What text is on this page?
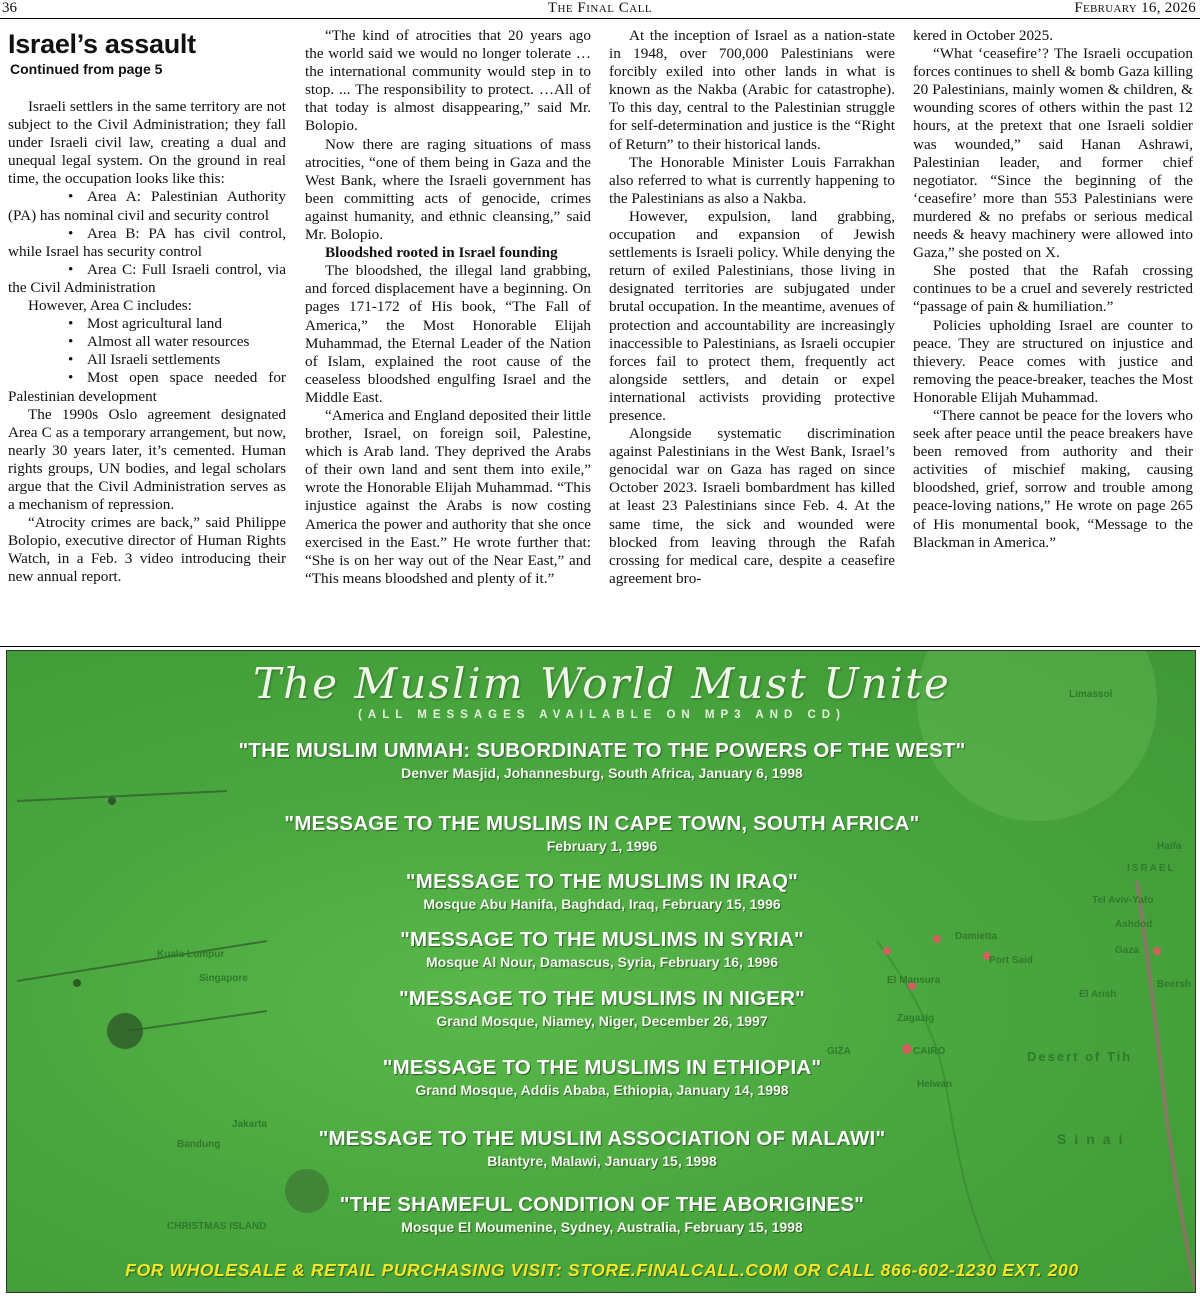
36	The Final Call	February 16, 2026
Israel’s assault
Continued from page 5

Israeli settlers in the same territory are not subject to the Civil Administration; they fall under Israeli civil law, creating a dual and unequal legal system. On the ground in real time, the occupation looks like this:

• Area A: Palestinian Authority (PA) has nominal civil and security control

• Area B: PA has civil control, while Israel has security control

• Area C: Full Israeli control, via the Civil Administration

However, Area C includes:

• Most agricultural land

• Almost all water resources

• All Israeli settlements

• Most open space needed for Palestinian development

The 1990s Oslo agreement designated Area C as a temporary arrangement, but now, nearly 30 years later, it’s cemented. Human rights groups, UN bodies, and legal scholars argue that the Civil Administration serves as a mechanism of repression.

“Atrocity crimes are back,” said Philippe Bolopio, executive director of Human Rights Watch, in a Feb. 3 video introducing their new annual report.

“The kind of atrocities that 20 years ago the world said we would no longer tolerate … the international community would step in to stop. ... The responsibility to protect. …All of that today is almost disappearing,” said Mr. Bolopio.

Now there are raging situations of mass atrocities, “one of them being in Gaza and the West Bank, where the Israeli government has been committing acts of genocide, crimes against humanity, and ethnic cleansing,” said Mr. Bolopio.

Bloodshed rooted in Israel founding

The bloodshed, the illegal land grabbing, and forced displacement have a beginning. On pages 171-172 of His book, “The Fall of America,” the Most Honorable Elijah Muhammad, the Eternal Leader of the Nation of Islam, explained the root cause of the ceaseless bloodshed engulfing Israel and the Middle East.

“America and England deposited their little brother, Israel, on foreign soil, Palestine, which is Arab land. They deprived the Arabs of their own land and sent them into exile,” wrote the Honorable Elijah Muhammad. “This injustice against the Arabs is now costing America the power and authority that she once exercised in the East.” He wrote further that: “She is on her way out of the Near East,” and “This means bloodshed and plenty of it.”

At the inception of Israel as a nation-state in 1948, over 700,000 Palestinians were forcibly exiled into other lands in what is known as the Nakba (Arabic for catastrophe). To this day, central to the Palestinian struggle for self-determination and justice is the “Right of Return” to their historical lands.

The Honorable Minister Louis Farrakhan also referred to what is currently happening to the Palestinians as also a Nakba.

However, expulsion, land grabbing, occupation and expansion of Jewish settlements is Israeli policy. While denying the return of exiled Palestinians, those living in designated territories are subjugated under brutal occupation. In the meantime, avenues of protection and accountability are increasingly inaccessible to Palestinians, as Israeli occupier forces fail to protect them, frequently act alongside settlers, and detain or expel international activists providing protective presence.

Alongside systematic discrimination against Palestinians in the West Bank, Israel’s genocidal war on Gaza has raged on since October 2023. Israeli bombardment has killed at least 23 Palestinians since Feb. 4. At the same time, the sick and wounded were blocked from leaving through the Rafah crossing for medical care, despite a ceasefire agreement bro-

kered in October 2025.

“What ‘ceasefire’? The Israeli occupation forces continues to shell & bomb Gaza killing 20 Palestinians, mainly women & children, & wounding scores of others within the past 12 hours, at the pretext that one Israeli soldier was wounded,” said Hanan Ashrawi, Palestinian leader, and former chief negotiator. “Since the beginning of the ‘ceasefire’ more than 553 Palestinians were murdered & no prefabs or serious medical needs & heavy machinery were allowed into Gaza,” she posted on X.

She posted that the Rafah crossing continues to be a cruel and severely restricted “passage of pain & humiliation.”

Policies upholding Israel are counter to peace. They are structured on injustice and thievery. Peace comes with justice and removing the peace-breaker, teaches the Most Honorable Elijah Muhammad.

“There cannot be peace for the lovers who seek after peace until the peace breakers have been removed from authority and their activities of mischief making, causing bloodshed, grief, sorrow and trouble among peace-loving nations,” He wrote on page 265 of His monumental book, “Message to the Blackman in America.”

Limassol
ISRAEL
Tel Aviv-Yafo
Ashdod
Gaza
Beersh
El Arish
Port Said
Damietta
El Mansura
Zagazig
CAIRO
GIZA
Helwan
Desert of Tih
Sinai
Haifa
Kuala Lumpur
Singapore
Jakarta
Bandung
CHRISTMAS ISLAND
The Muslim World Must Unite
(ALL MESSAGES AVAILABLE ON MP3 AND CD)
"THE MUSLIM UMMAH: SUBORDINATE TO THE POWERS OF THE WEST"
Denver Masjid, Johannesburg, South Africa, January 6, 1998
"MESSAGE TO THE MUSLIMS IN CAPE TOWN, SOUTH AFRICA"
February 1, 1996
"MESSAGE TO THE MUSLIMS IN IRAQ"
Mosque Abu Hanifa, Baghdad, Iraq, February 15, 1996
"MESSAGE TO THE MUSLIMS IN SYRIA"
Mosque Al Nour, Damascus, Syria, February 16, 1996
"MESSAGE TO THE MUSLIMS IN NIGER"
Grand Mosque, Niamey, Niger, December 26, 1997
"MESSAGE TO THE MUSLIMS IN ETHIOPIA"
Grand Mosque, Addis Ababa, Ethiopia, January 14, 1998
"MESSAGE TO THE MUSLIM ASSOCIATION OF MALAWI"
Blantyre, Malawi, January 15, 1998
"THE SHAMEFUL CONDITION OF THE ABORIGINES"
Mosque El Moumenine, Sydney, Australia, February 15, 1998
FOR WHOLESALE & RETAIL PURCHASING VISIT: STORE.FINALCALL.COM OR CALL 866-602-1230 EXT. 200
